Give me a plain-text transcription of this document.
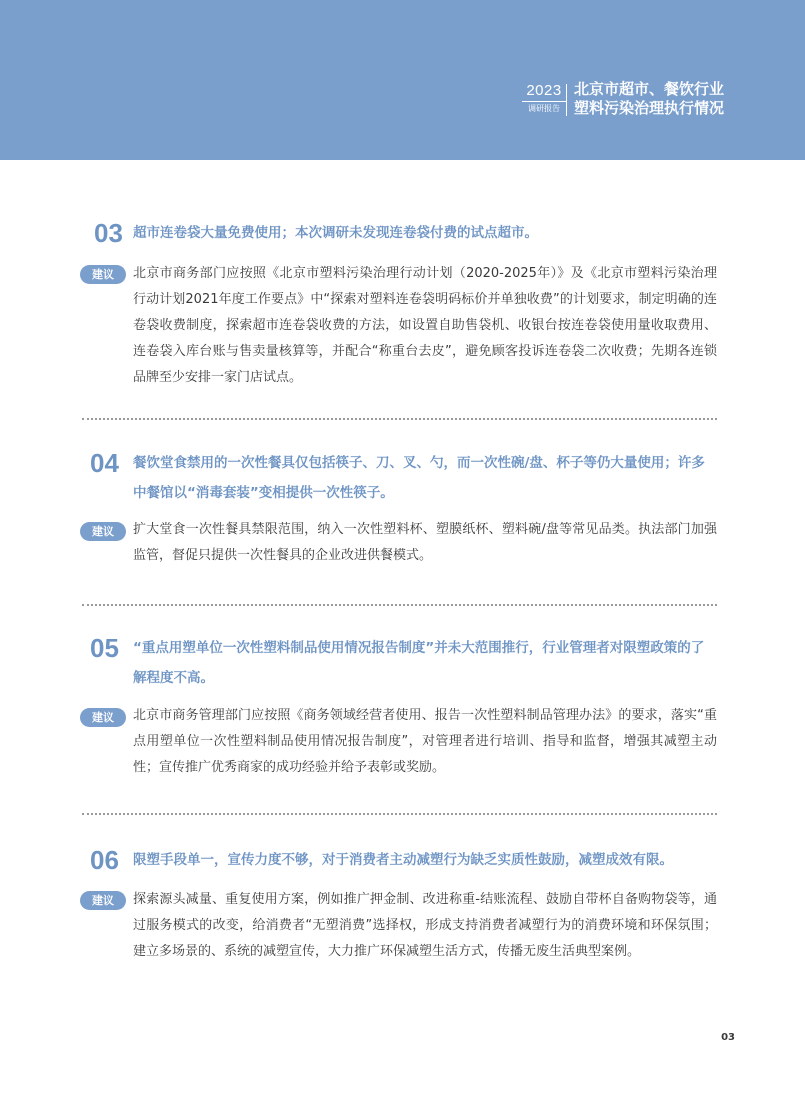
2023
调研报告
北京市超市、餐饮行业
塑料污染治理执行情况
03 超市连卷袋大量免费使用；本次调研未发现连卷袋付费的试点超市。
建议	北京市商务部门应按照《北京市塑料污染治理行动计划（2020-2025年）》及《北京市塑料污染治理行动计划2021年度工作要点》中“探索对塑料连卷袋明码标价并单独收费”的计划要求，制定明确的连卷袋收费制度，探索超市连卷袋收费的方法，如设置自助售袋机、收银台按连卷袋使用量收取费用、连卷袋入库台账与售卖量核算等，并配合“称重台去皮”，避免顾客投诉连卷袋二次收费；先期各连锁品牌至少安排一家门店试点。
04 餐饮堂食禁用的一次性餐具仅包括筷子、刀、叉、勺，而一次性碗/盘、杯子等仍大量使用；许多中餐馆以“消毒套装”变相提供一次性筷子。
建议	扩大堂食一次性餐具禁限范围，纳入一次性塑料杯、塑膜纸杯、塑料碗/盘等常见品类。执法部门加强监管，督促只提供一次性餐具的企业改进供餐模式。
05 “重点用塑单位一次性塑料制品使用情况报告制度”并未大范围推行，行业管理者对限塑政策的了解程度不高。
建议	北京市商务管理部门应按照《商务领域经营者使用、报告一次性塑料制品管理办法》的要求，落实“重点用塑单位一次性塑料制品使用情况报告制度”，对管理者进行培训、指导和监督，增强其减塑主动性；宣传推广优秀商家的成功经验并给予表彰或奖励。
06 限塑手段单一，宣传力度不够，对于消费者主动减塑行为缺乏实质性鼓励，减塑成效有限。
建议	探索源头减量、重复使用方案，例如推广押金制、改进称重-结账流程、鼓励自带杯自备购物袋等，通过服务模式的改变，给消费者“无塑消费”选择权，形成支持消费者减塑行为的消费环境和环保氛围；建立多场景的、系统的减塑宣传，大力推广环保减塑生活方式，传播无废生活典型案例。
03
